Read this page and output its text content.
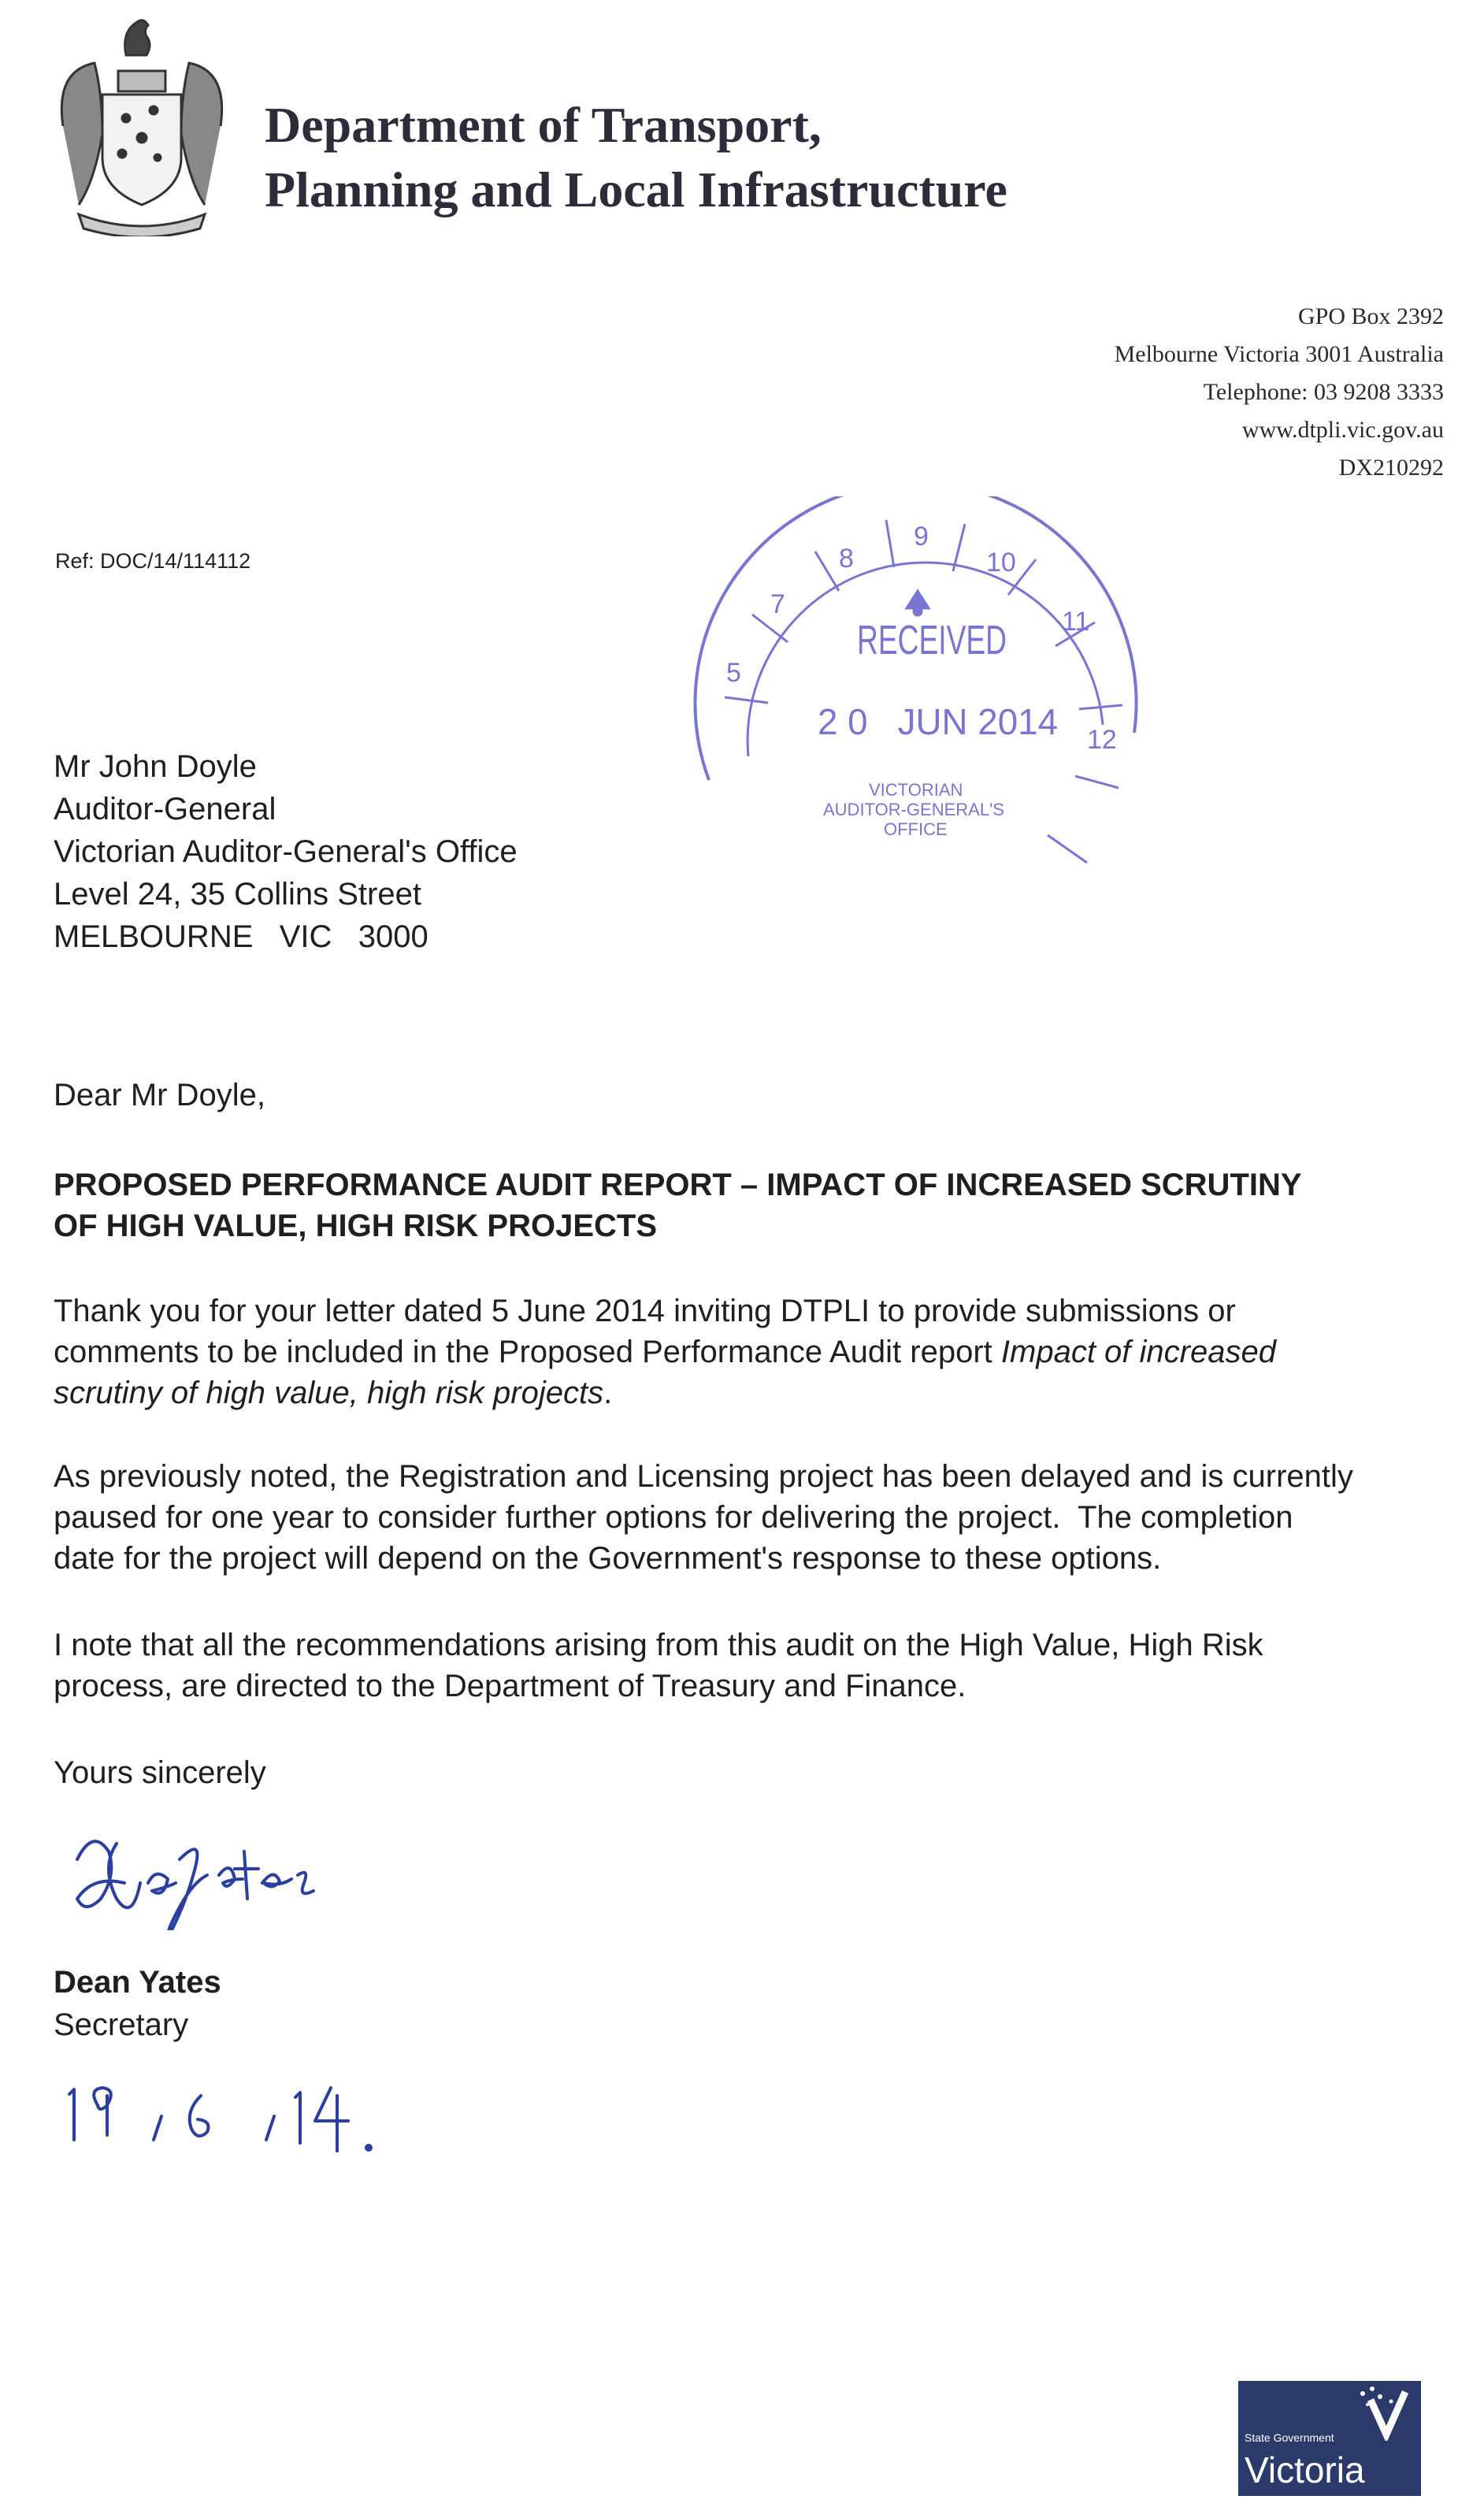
Department of Transport,
Planning and Local Infrastructure
GPO Box 2392
Melbourne Victoria 3001 Australia
Telephone: 03 9208 3333
www.dtpli.vic.gov.au
DX210292
Ref: DOC/14/114112
5
7
8
9
10
11
12
RECEIVED
2 0   JUN 2014
VICTORIAN
AUDITOR-GENERAL'S
OFFICE
Mr John Doyle
Auditor-General
Victorian Auditor-General's Office
Level 24, 35 Collins Street
MELBOURNE   VIC   3000
Dear Mr Doyle,
PROPOSED PERFORMANCE AUDIT REPORT – IMPACT OF INCREASED SCRUTINY
OF HIGH VALUE, HIGH RISK PROJECTS
Thank you for your letter dated 5 June 2014 inviting DTPLI to provide submissions or
comments to be included in the Proposed Performance Audit report Impact of increased
scrutiny of high value, high risk projects.
As previously noted, the Registration and Licensing project has been delayed and is currently
paused for one year to consider further options for delivering the project.  The completion
date for the project will depend on the Government's response to these options.
I note that all the recommendations arising from this audit on the High Value, High Risk
process, are directed to the Department of Treasury and Finance.
Yours sincerely
Dean Yates
Secretary
State Government
Victoria
